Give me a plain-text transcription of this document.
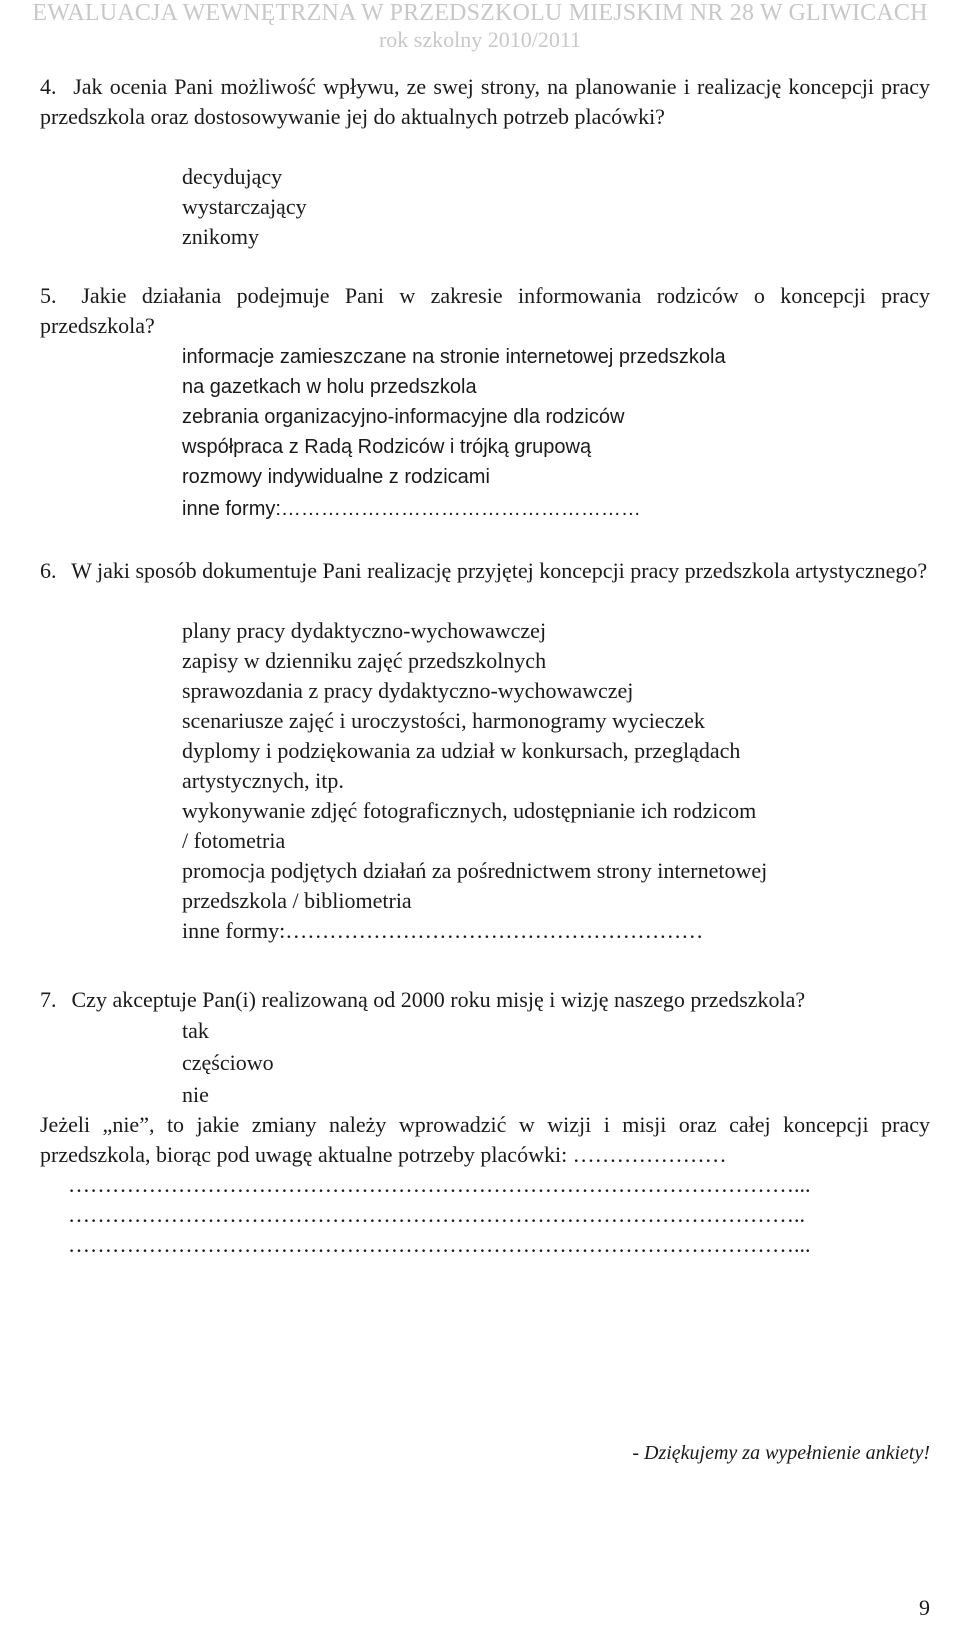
EWALUACJA WEWNĘTRZNA W PRZEDSZKOLU MIEJSKIM NR 28 W GLIWICACH
rok szkolny 2010/2011
4. Jak ocenia Pani możliwość wpływu, ze swej strony, na planowanie i realizację koncepcji pracy przedszkola oraz dostosowywanie jej do aktualnych potrzeb placówki?
decydujący
wystarczający
znikomy
5. Jakie działania podejmuje Pani w zakresie informowania rodziców o koncepcji pracy przedszkola?
informacje zamieszczane na stronie internetowej przedszkola
na gazetkach w holu przedszkola
zebrania organizacyjno-informacyjne dla rodziców
współpraca z Radą Rodziców i trójką grupową
rozmowy indywidualne z rodzicami
inne formy:………………………………………………
6. W jaki sposób dokumentuje Pani realizację przyjętej koncepcji pracy przedszkola artystycznego?
plany pracy dydaktyczno-wychowawczej
zapisy w dzienniku zajęć przedszkolnych
sprawozdania z pracy dydaktyczno-wychowawczej
scenariusze zajęć i uroczystości, harmonogramy wycieczek
dyplomy i podziękowania za udział w konkursach, przeglądach
artystycznych, itp.
wykonywanie zdjęć fotograficznych, udostępnianie ich rodzicom
/ fotometria
promocja podjętych działań za pośrednictwem strony internetowej
przedszkola / bibliometria
inne formy:…………………………………………………
7. Czy akceptuje Pan(i) realizowaną od 2000 roku misję i wizję naszego przedszkola?
tak
częściowo
nie
Jeżeli „nie”, to jakie zmiany należy wprowadzić w wizji i misji oraz całej koncepcji pracy przedszkola, biorąc pod uwagę aktualne potrzeby placówki: …………………
………………………………………………………………………………………...
………………………………………………………………………………………..
………………………………………………………………………………………...
- Dziękujemy za wypełnienie ankiety!
9
